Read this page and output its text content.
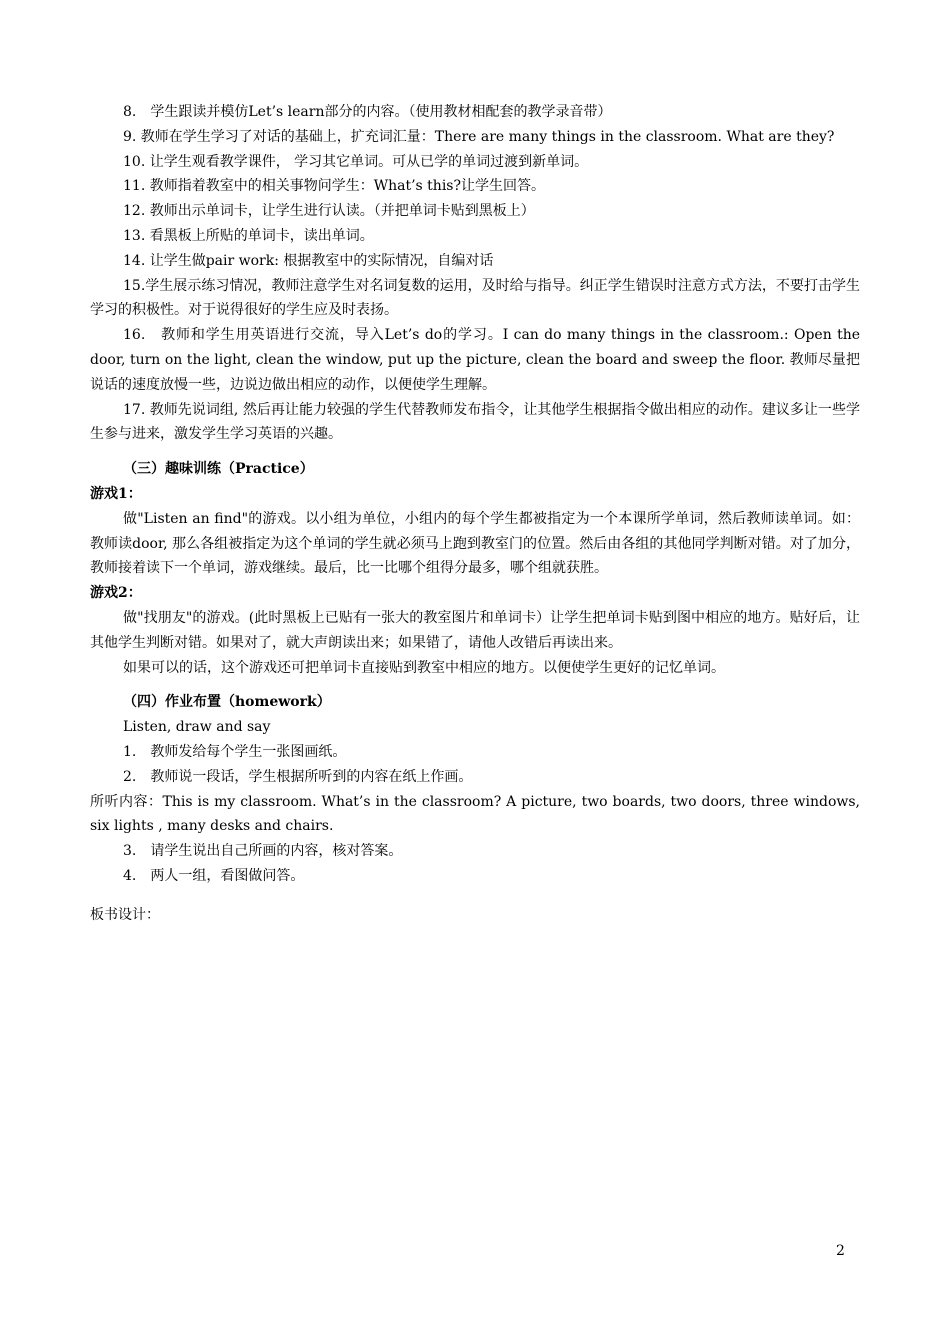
8.　学生跟读并模仿Let’s learn部分的内容。（使用教材相配套的教学录音带）

9. 教师在学生学习了对话的基础上，扩充词汇量：There are many things in the classroom. What are they?

10. 让学生观看教学课件， 学习其它单词。可从已学的单词过渡到新单词。

11. 教师指着教室中的相关事物问学生：What’s this?让学生回答。

12. 教师出示单词卡，让学生进行认读。（并把单词卡贴到黑板上）

13. 看黑板上所贴的单词卡，读出单词。

14. 让学生做pair work: 根据教室中的实际情况，自编对话

15.学生展示练习情况，教师注意学生对名词复数的运用，及时给与指导。纠正学生错误时注意方式方法，不要打击学生学习的积极性。对于说得很好的学生应及时表扬。

16.　教师和学生用英语进行交流，导入Let’s do的学习。I can do many things in the classroom.: Open the door, turn on the light, clean the window, put up the picture, clean the board and sweep the floor. 教师尽量把说话的速度放慢一些，边说边做出相应的动作，以便使学生理解。

17. 教师先说词组, 然后再让能力较强的学生代替教师发布指令，让其他学生根据指令做出相应的动作。建议多让一些学生参与进来，激发学生学习英语的兴趣。

（三）趣味训练（Practice）

游戏1：

做"Listen an find"的游戏。以小组为单位，小组内的每个学生都被指定为一个本课所学单词，然后教师读单词。如：教师读door, 那么各组被指定为这个单词的学生就必须马上跑到教室门的位置。然后由各组的其他同学判断对错。对了加分，教师接着读下一个单词，游戏继续。最后，比一比哪个组得分最多，哪个组就获胜。

游戏2：

做"找朋友"的游戏。(此时黑板上已贴有一张大的教室图片和单词卡）让学生把单词卡贴到图中相应的地方。贴好后，让其他学生判断对错。如果对了，就大声朗读出来；如果错了，请他人改错后再读出来。

如果可以的话，这个游戏还可把单词卡直接贴到教室中相应的地方。以便使学生更好的记忆单词。

（四）作业布置（homework）

Listen, draw and say

1.　教师发给每个学生一张图画纸。

2.　教师说一段话，学生根据所听到的内容在纸上作画。

所听内容：This is my classroom. What’s in the classroom? A picture, two boards, two doors, three windows, six lights , many desks and chairs.

3.　请学生说出自己所画的内容，核对答案。

4.　两人一组，看图做问答。

板书设计：

2
